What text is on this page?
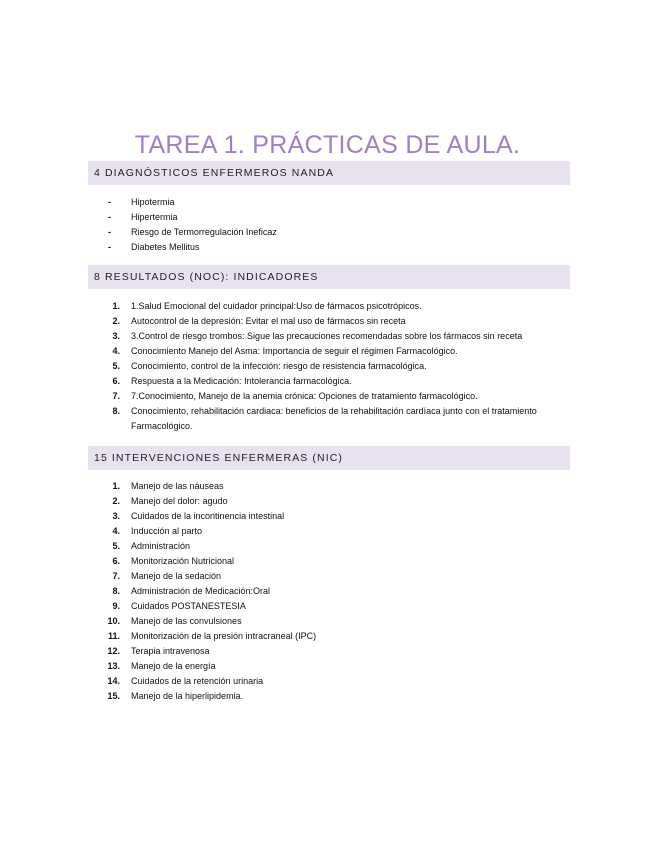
TAREA 1. PRÁCTICAS DE AULA.
4 DIAGNÓSTICOS ENFERMEROS NANDA
- Hipotermia
- Hipertermia
- Riesgo de Termorregulación Ineficaz
- Diabetes Mellitus
8 RESULTADOS (NOC): INDICADORES
1. 1.Salud Emocional del cuidador principal:Uso de fármacos psicotrópicos.
2. Autocontrol de la depresión: Evitar el mal uso de fármacos sin receta
3. 3.Control de riesgo trombos: Sigue las precauciones recomendadas sobre los fármacos sin receta
4. Conocimiento Manejo del Asma: Importancia de seguir el régimen Farmacológico.
5. Conocimiento, control de la infección: riesgo de resistencia farmacológica.
6. Respuesta a la Medicación: Intolerancia farmacológica.
7. 7.Conocimiento, Manejo de la anemia crónica: Opciones de tratamiento farmacológico.
8. Conocimiento, rehabilitación cardiaca: beneficios de la rehabilitación cardíaca junto con el tratamiento Farmacológico.
15 INTERVENCIONES ENFERMERAS (NIC)
1. Manejo de las náuseas
2. Manejo del dolor: agudo
3. Cuidados de la incontinencia intestinal
4. Inducción al parto
5. Administración
6. Monitorización Nutricional
7. Manejo de la sedación
8. Administración de Medicación:Oral
9. Cuidados POSTANESTESIA
10. Manejo de las convulsiones
11. Monitorización de la presión intracraneal (IPC)
12. Terapia intravenosa
13. Manejo de la energía
14. Cuidados de la retención urinaria
15. Manejo de la hiperlipidemia.
